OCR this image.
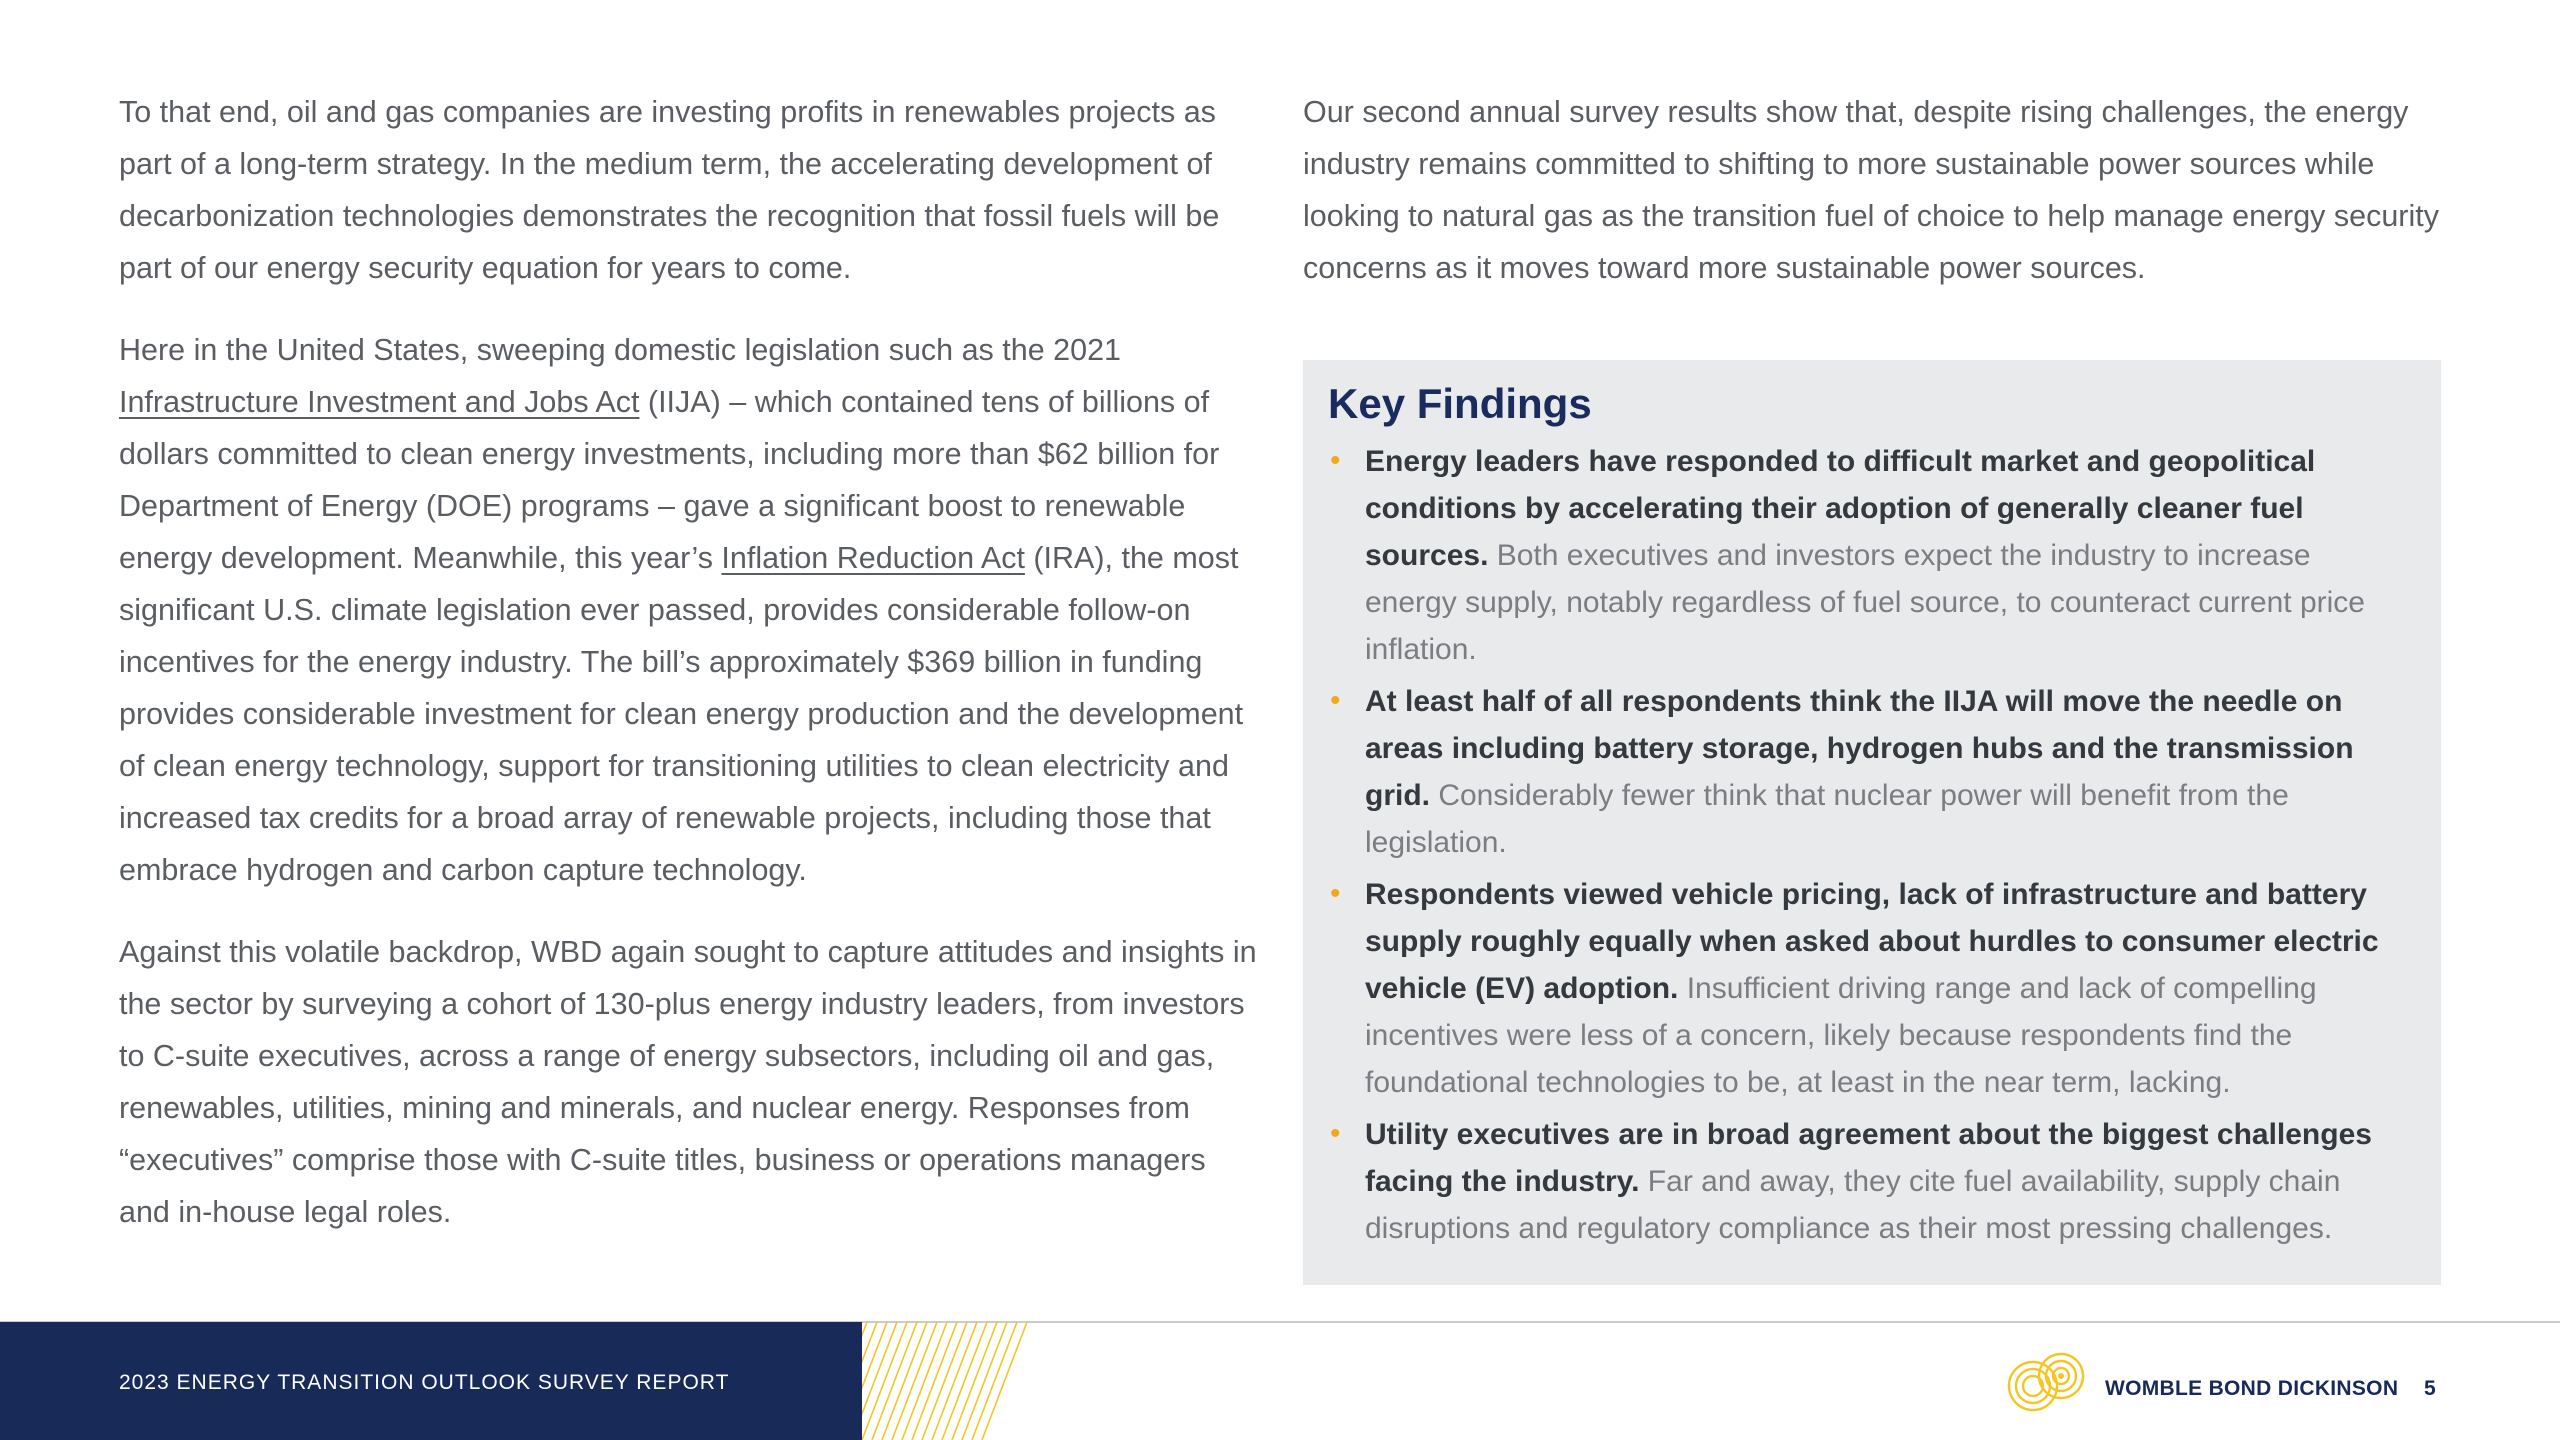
To that end, oil and gas companies are investing profits in renewables projects as part of a long-term strategy. In the medium term, the accelerating development of decarbonization technologies demonstrates the recognition that fossil fuels will be part of our energy security equation for years to come.

Here in the United States, sweeping domestic legislation such as the 2021 Infrastructure Investment and Jobs Act (IIJA) – which contained tens of billions of dollars committed to clean energy investments, including more than $62 billion for Department of Energy (DOE) programs – gave a significant boost to renewable energy development. Meanwhile, this year’s Inflation Reduction Act (IRA), the most significant U.S. climate legislation ever passed, provides considerable follow-on incentives for the energy industry. The bill’s approximately $369 billion in funding provides considerable investment for clean energy production and the development of clean energy technology, support for transitioning utilities to clean electricity and increased tax credits for a broad array of renewable projects, including those that embrace hydrogen and carbon capture technology.

Against this volatile backdrop, WBD again sought to capture attitudes and insights in the sector by surveying a cohort of 130-plus energy industry leaders, from investors to C-suite executives, across a range of energy subsectors, including oil and gas, renewables, utilities, mining and minerals, and nuclear energy. Responses from “executives” comprise those with C-suite titles, business or operations managers and in-house legal roles.

Our second annual survey results show that, despite rising challenges, the energy industry remains committed to shifting to more sustainable power sources while looking to natural gas as the transition fuel of choice to help manage energy security concerns as it moves toward more sustainable power sources.

Key Findings
• Energy leaders have responded to difficult market and geopolitical conditions by accelerating their adoption of generally cleaner fuel sources. Both executives and investors expect the industry to increase energy supply, notably regardless of fuel source, to counteract current price inflation.
• At least half of all respondents think the IIJA will move the needle on areas including battery storage, hydrogen hubs and the transmission grid. Considerably fewer think that nuclear power will benefit from the legislation.
• Respondents viewed vehicle pricing, lack of infrastructure and battery supply roughly equally when asked about hurdles to consumer electric vehicle (EV) adoption. Insufficient driving range and lack of compelling incentives were less of a concern, likely because respondents find the foundational technologies to be, at least in the near term, lacking.
• Utility executives are in broad agreement about the biggest challenges facing the industry. Far and away, they cite fuel availability, supply chain disruptions and regulatory compliance as their most pressing challenges.
2023 ENERGY TRANSITION OUTLOOK SURVEY REPORT	WOMBLE BOND DICKINSON 5
